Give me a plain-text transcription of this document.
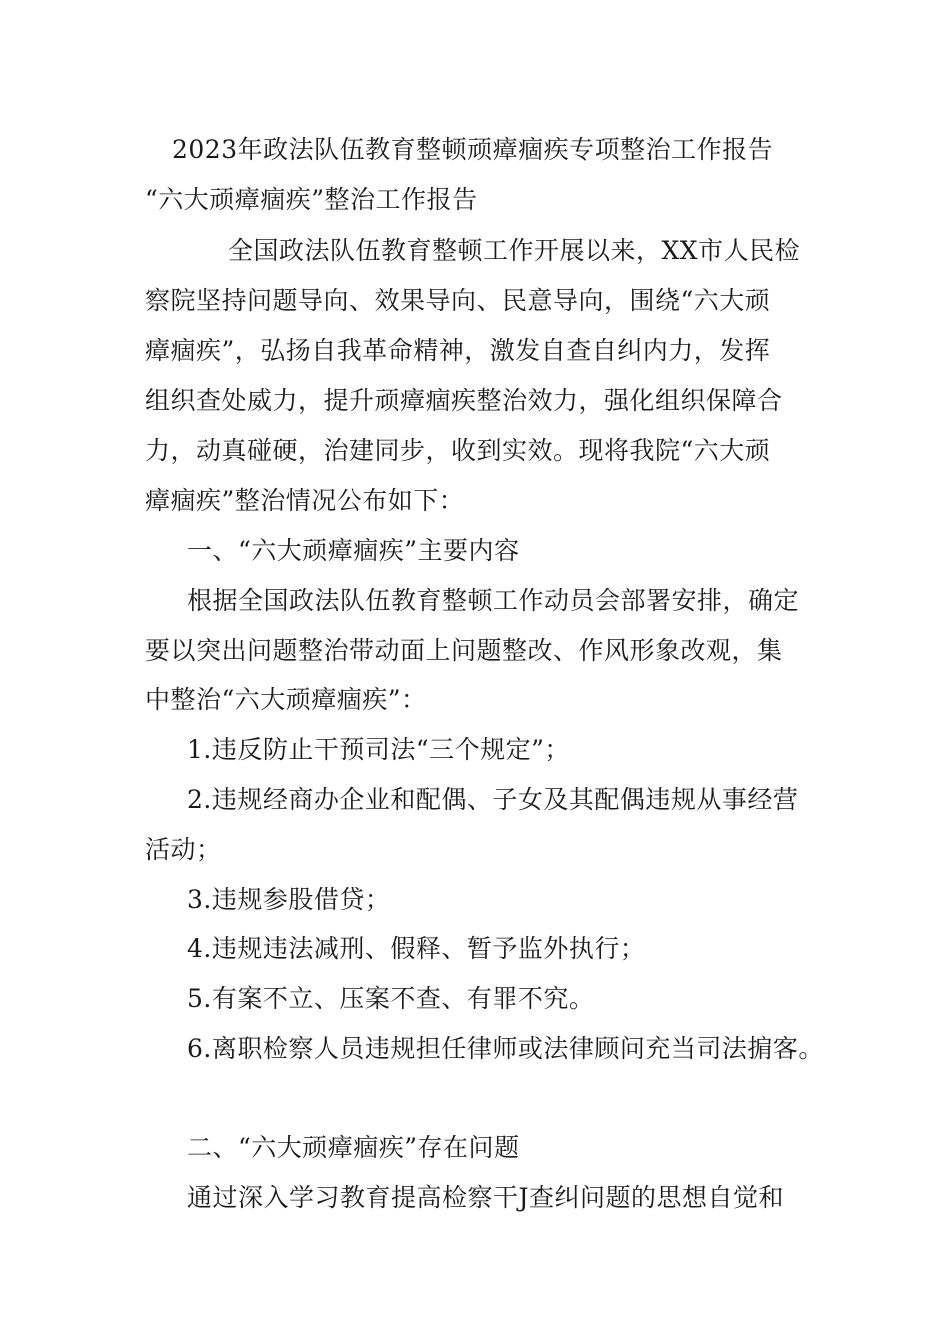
2023年政法队伍教育整顿顽瘴痼疾专项整治工作报告
“六大顽瘴痼疾”整治工作报告
全国政法队伍教育整顿工作开展以来，XX市人民检
察院坚持问题导向、效果导向、民意导向，围绕“六大顽
瘴痼疾”，弘扬自我革命精神，激发自查自纠内力，发挥
组织查处威力，提升顽瘴痼疾整治效力，强化组织保障合
力，动真碰硬，治建同步，收到实效。现将我院“六大顽
瘴痼疾”整治情况公布如下：
一、“六大顽瘴痼疾”主要内容
根据全国政法队伍教育整顿工作动员会部署安排，确定
要以突出问题整治带动面上问题整改、作风形象改观，集
中整治“六大顽瘴痼疾”：
1.违反防止干预司法“三个规定”；
2.违规经商办企业和配偶、子女及其配偶违规从事经营
活动；
3.违规参股借贷；
4.违规违法减刑、假释、暂予监外执行；
5.有案不立、压案不查、有罪不究。
6.离职检察人员违规担任律师或法律顾问充当司法掮客。
二、“六大顽瘴痼疾”存在问题
通过深入学习教育提高检察干J查纠问题的思想自觉和
